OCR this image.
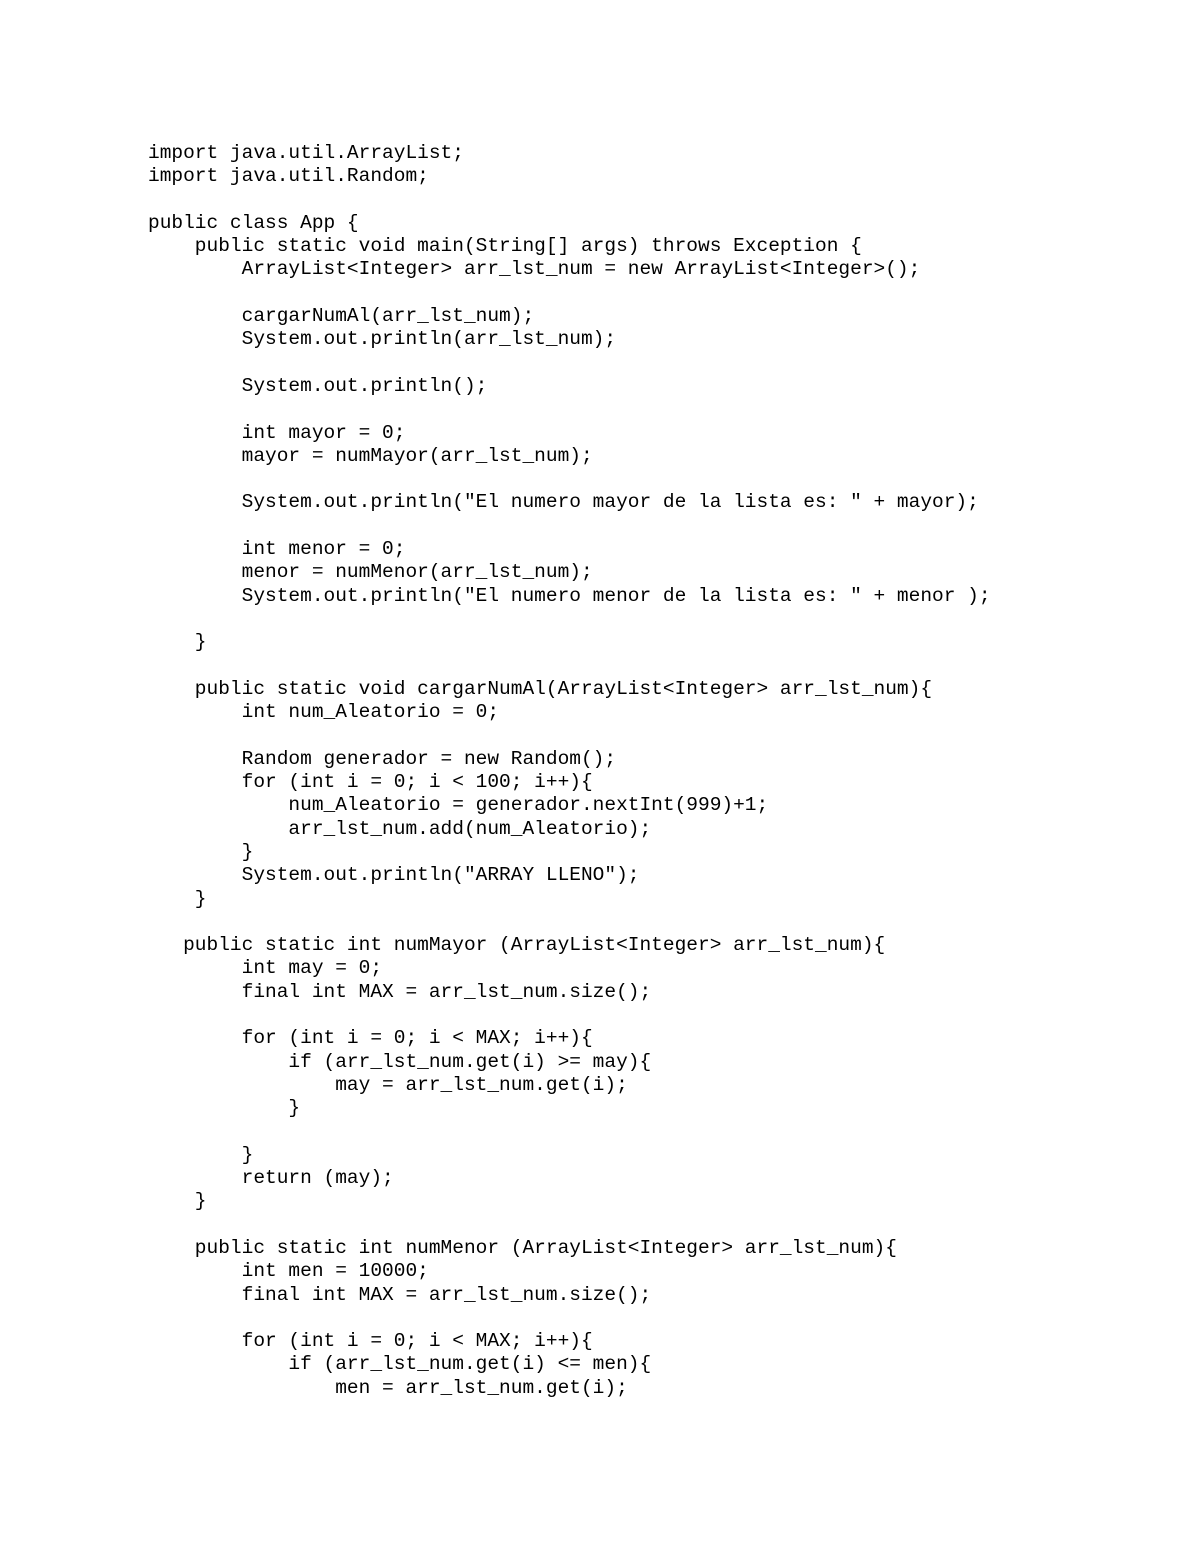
import java.util.ArrayList;
import java.util.Random;
public class App {
public static void main(String[] args) throws Exception {
ArrayList<Integer> arr_lst_num = new ArrayList<Integer>();
cargarNumAl(arr_lst_num);
System.out.println(arr_lst_num);
System.out.println();
int mayor = 0;
mayor = numMayor(arr_lst_num);
System.out.println("El numero mayor de la lista es: " + mayor);
int menor = 0;
menor = numMenor(arr_lst_num);
System.out.println("El numero menor de la lista es: " + menor );
}
public static void cargarNumAl(ArrayList<Integer> arr_lst_num){
int num_Aleatorio = 0;
Random generador = new Random();
for (int i = 0; i < 100; i++){
num_Aleatorio = generador.nextInt(999)+1;
arr_lst_num.add(num_Aleatorio);
}
System.out.println("ARRAY LLENO");
}
public static int numMayor (ArrayList<Integer> arr_lst_num){
int may = 0;
final int MAX = arr_lst_num.size();
for (int i = 0; i < MAX; i++){
if (arr_lst_num.get(i) >= may){
may = arr_lst_num.get(i);
}
}
return (may);
}
public static int numMenor (ArrayList<Integer> arr_lst_num){
int men = 10000;
final int MAX = arr_lst_num.size();
for (int i = 0; i < MAX; i++){
if (arr_lst_num.get(i) <= men){
men = arr_lst_num.get(i);
